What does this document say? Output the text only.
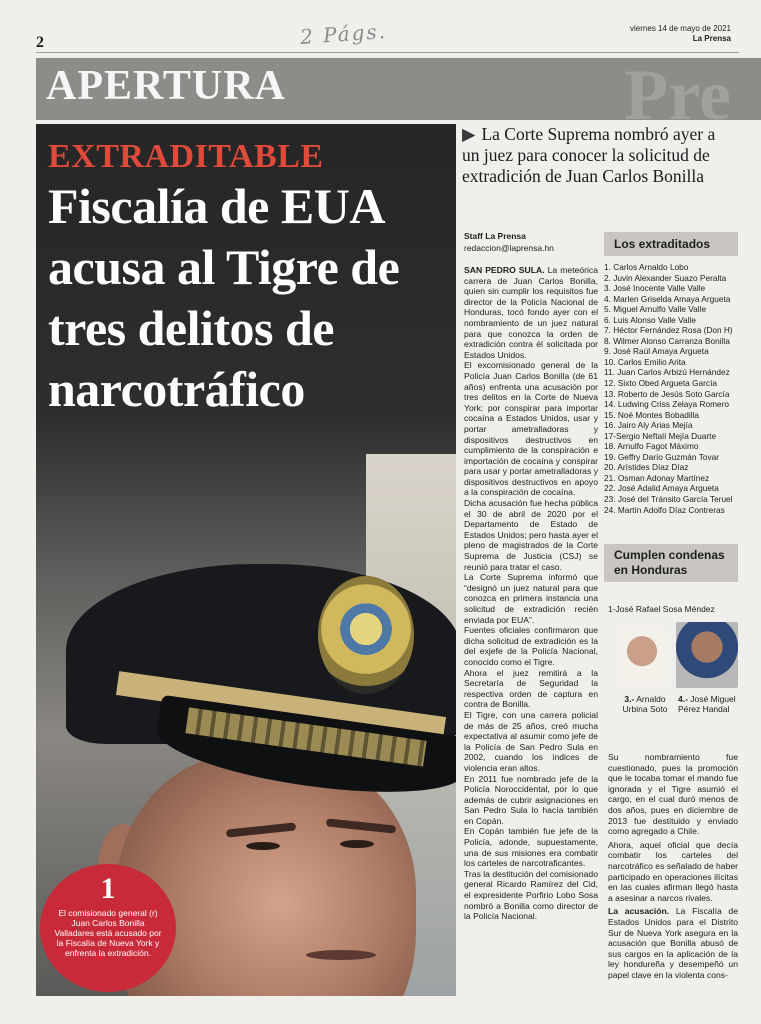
2	2 Págs.	viernes 14 de mayo de 2021
La Prensa
APERTURA	Pre
EXTRADITABLE
Fiscalía de EUA acusa al Tigre de tres delitos de narcotráfico
1
El comisionado general (r) Juan Carlos Bonilla Valladares está acusado por la Fiscalía de Nueva York y enfrenta la extradición.
▶ La Corte Suprema nombró ayer a un juez para conocer la solicitud de extradición de Juan Carlos Bonilla
Staff La Prensa
redaccion@laprensa.hn

SAN PEDRO SULA. La meteórica carrera de Juan Carlos Bonilla, quien sin cumplir los requisitos fue director de la Policía Nacional de Honduras, tocó fondo ayer con el nombramiento de un juez natural para que conozca la orden de extradición contra él solicitada por Estados Unidos.

El excomisionado general de la Policía Juan Carlos Bonilla (de 61 años) enfrenta una acusación por tres delitos en la Corte de Nueva York: por conspirar para importar cocaína a Estados Unidos, usar y portar ametralladoras y dispositivos destructivos en cumplimiento de la conspiración e importación de cocaína y conspirar para usar y portar ametralladoras y dispositivos destructivos en apoyo a la conspiración de cocaína.

Dicha acusación fue hecha pública el 30 de abril de 2020 por el Departamento de Estado de Estados Unidos; pero hasta ayer el pleno de magistrados de la Corte Suprema de Justicia (CSJ) se reunió para tratar el caso.

La Corte Suprema informó que “designó un juez natural para que conozca en primera instancia una solicitud de extradición recién enviada por EUA”.

Fuentes oficiales confirmaron que dicha solicitud de extradición es la del exjefe de la Policía Nacional, conocido como el Tigre.

Ahora el juez remitirá a la Secretaría de Seguridad la respectiva orden de captura en contra de Bonilla.

El Tigre, con una carrera policial de más de 25 años, creó mucha expectativa al asumir como jefe de la Policía de San Pedro Sula en 2002, cuando los índices de violencia eran altos.

En 2011 fue nombrado jefe de la Policía Noroccidental, por lo que además de cubrir asignaciones en San Pedro Sula lo hacía también en Copán.

En Copán también fue jefe de la Policía, adonde, supuestamente, una de sus misiones era combatir los carteles de narcotraficantes.

Tras la destitución del comisionado general Ricardo Ramírez del Cid, el expresidente Porfirio Lobo Sosa nombró a Bonilla como director de la Policía Nacional.

Los extraditados
1. Carlos Arnaldo Lobo
2. Juvin Alexander Suazo Peralta
3. José Inocente Valle Valle
4. Marlen Griselda Amaya Argueta
5. Miguel Arnulfo Valle Valle
6. Luis Alonso Valle Valle
7. Héctor Fernández Rosa (Don H)
8. Wilmer Alonso Carranza Bonilla
9. José Raúl Amaya Argueta
10. Carlos Emilio Arita
11. Juan Carlos Arbizú Hernández
12. Sixto Obed Argueta García
13. Roberto de Jesús Soto García
14. Ludwing Criss Zelaya Romero
15. Noé Montes Bobadilla
16. Jairo Aly Arias Mejía
17-Sergio Neftalí Mejía Duarte
18. Arnulfo Fagot Máximo
19. Geffry Darío Guzmán Tovar
20. Arístides Díaz Díaz
21. Osman Adonay Martínez
22. José Adalid Amaya Argueta
23. José del Tránsito García Teruel
24. Martín Adolfo Díaz Contreras
Cumplen condenas en Honduras
1-José Rafael Sosa Méndez
3.- Arnaldo Urbina Soto
4.- José Miguel Pérez Handal

Su nombramiento fue cuestionado, pues la promoción que le tocaba tomar el mando fue ignorada y el Tigre asumió el cargo, en el cual duró menos de dos años, pues en diciembre de 2013 fue destituido y enviado como agregado a Chile.

Ahora, aquel oficial que decía combatir los carteles del narcotráfico es señalado de haber participado en operaciones ilícitas en las cuales afirman llegó hasta a asesinar a narcos rivales.

La acusación. La Fiscalía de Estados Unidos para el Distrito Sur de Nueva York asegura en la acusación que Bonilla abusó de sus cargos en la aplicación de la ley hondureña y desempeñó un papel clave en la violenta cons-
